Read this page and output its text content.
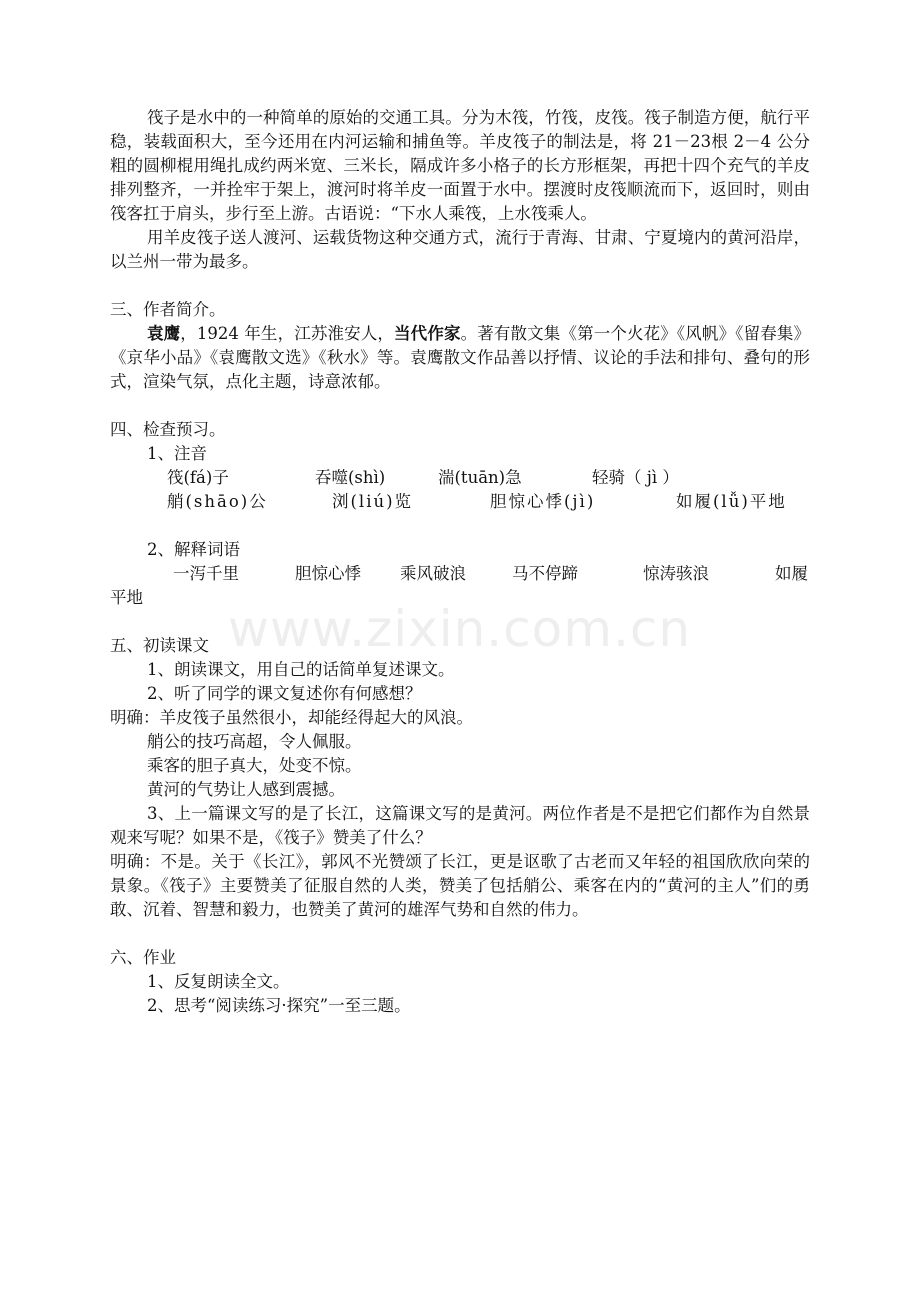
筏子是水中的一种简单的原始的交通工具。分为木筏，竹筏，皮筏。筏子制造方便，航行平稳，装载面积大，至今还用在内河运输和捕鱼等。羊皮筏子的制法是，将 21－23根 2－4 公分粗的圆柳棍用绳扎成约两米宽、三米长，隔成许多小格子的长方形框架，再把十四个充气的羊皮排列整齐，一并拴牢于架上，渡河时将羊皮一面置于水中。摆渡时皮筏顺流而下，返回时，则由筏客扛于肩头，步行至上游。古语说：“下水人乘筏，上水筏乘人。

用羊皮筏子送人渡河、运载货物这种交通方式，流行于青海、甘肃、宁夏境内的黄河沿岸，以兰州一带为最多。

三、作者简介。

袁鹰，1924 年生，江苏淮安人，当代作家。著有散文集《第一个火花》《风帆》《留春集》《京华小品》《袁鹰散文选》《秋水》等。袁鹰散文作品善以抒情、议论的手法和排句、叠句的形式，渲染气氛，点化主题，诗意浓郁。

四、检查预习。

1、注音

筏(fá)子	吞噬(shì)	湍(tuān)急	轻骑（ jì ）
艄(shāo)公	浏(liú)览	胆惊心悸(jì)	如履(lǚ)平地

2、解释词语

一泻千里	胆惊心悸 乘风破浪	马不停蹄	惊涛骇浪	如履

平地

五、初读课文

1、朗读课文，用自己的话简单复述课文。

2、听了同学的课文复述你有何感想？

明确：羊皮筏子虽然很小，却能经得起大的风浪。

艄公的技巧高超，令人佩服。

乘客的胆子真大，处变不惊。

黄河的气势让人感到震撼。

3、上一篇课文写的是了长江，这篇课文写的是黄河。两位作者是不是把它们都作为自然景观来写呢？如果不是，《筏子》赞美了什么？

明确：不是。关于《长江》，郭风不光赞颂了长江，更是讴歌了古老而又年轻的祖国欣欣向荣的景象。《筏子》主要赞美了征服自然的人类，赞美了包括艄公、乘客在内的“黄河的主人”们的勇敢、沉着、智慧和毅力，也赞美了黄河的雄浑气势和自然的伟力。

六、作业

1、反复朗读全文。

2、思考“阅读练习·探究”一至三题。

www.zixin.com.cn
